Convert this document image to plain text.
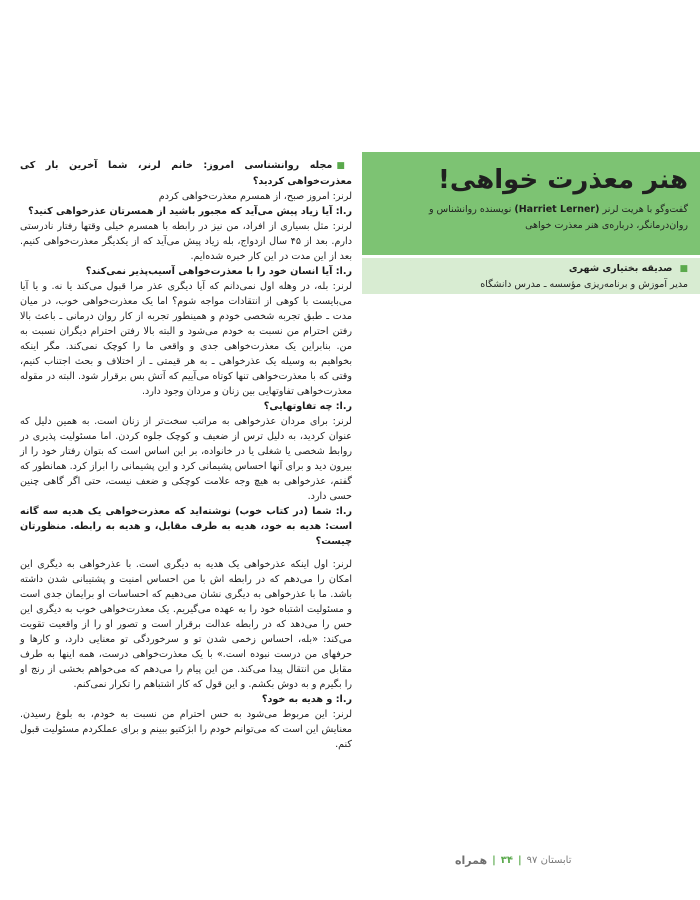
هنر معذرت خواهی!
گفت‌و‌گو با هریت لرنر (Harriet Lerner) نویسنده روانشناس و روان‌درمانگر، درباره‌ی هنر معذرت خواهی
■ صدیقه بختیاری شهری
مدیر آموزش و برنامه‌ریزی مؤسسه ـ مدرس دانشگاه

■مجله روانشناسی امروز: خانم لرنر، شما آخرین بار کی معذرت‌خواهی کردید؟

لرنر: امروز صبح، از همسرم معذرت‌خواهی کردم

ر.ا: آیا زیاد پیش می‌آید که مجبور باشید از همسرتان عذرخواهی کنید؟

لرنر: مثل بسیاری از افراد، من نیز در رابطه با همسرم خیلی وقتها رفتار نادرستی دارم. بعد از ۴۵ سال ازدواج، بله زیاد پیش می‌آید که از یکدیگر معذرت‌خواهی کنیم. بعد از این مدت در این کار خبره شده‌ایم.

ر.ا: آیا انسان خود را با معذرت‌خواهی آسیب‌پذیر نمی‌کند؟

لرنر: بله، در وهله اول نمی‌دانم که آیا دیگری عذر مرا قبول می‌کند یا نه. و یا آیا می‌بایست با کوهی از انتقادات مواجه شوم؟ اما یک معذرت‌خواهی خوب، در میان مدت ـ طبق تجربه شخصی خودم و همینطور تجربه از کار روان درمانی ـ باعث بالا رفتن احترام من نسبت به خودم می‌شود و البته بالا رفتن احترام دیگران نسبت به من. بنابراین یک معذرت‌خواهی جدی و واقعی ما را کوچک نمی‌کند. مگر اینکه بخواهیم به وسیله یک عذرخواهی ـ به هر قیمتی ـ از اختلاف و بحث اجتناب کنیم، وقتی که با معذرت‌خواهی تنها کوتاه می‌آییم که آتش بس برقرار شود. البته در مقوله معذرت‌خواهی تفاوتهایی بین زنان و مردان وجود دارد.

ر.ا: چه تفاوتهایی؟

لرنر: برای مردان عذرخواهی به مراتب سخت‌تر از زنان است. به همین دلیل که عنوان کردید، به دلیل ترس از ضعیف و کوچک جلوه کردن. اما مسئولیت پذیری در روابط شخصی یا شغلی یا در خانواده، بر این اساس است که بتوان رفتار خود را از بیرون دید و برای آنها احساس پشیمانی کرد و این پشیمانی را ابراز کرد. همانطور که گفتم، عذرخواهی به هیچ وجه علامت کوچکی و ضعف نیست، حتی اگر گاهی چنین حسی دارد.

ر.ا: شما (در کتاب خوب) نوشته‌اید که معذرت‌خواهی یک هدیه سه گانه است: هدیه به خود، هدیه به طرف مقابل، و هدیه به رابطه. منظورتان چیست؟

لرنر: اول اینکه عذرخواهی یک هدیه به دیگری است. با عذرخواهی به دیگری این امکان را می‌دهم که در رابطه اش با من احساس امنیت و پشتیبانی شدن داشته باشد. ما با عذرخواهی به دیگری نشان می‌دهیم که احساسات او برایمان جدی است و مسئولیت اشتباه خود را به عهده می‌گیریم. یک معذرت‌خواهی خوب به دیگری این حس را می‌دهد که در رابطه عدالت برقرار است و تصور او را از واقعیت تقویت می‌کند: «بله، احساس زخمی شدن تو و سرخوردگی تو معنایی دارد، و کارها و حرفهای من درست نبوده است.» با یک معذرت‌خواهی درست، همه اینها به طرف مقابل من انتقال پیدا می‌کند. من این پیام را می‌دهم که می‌خواهم بخشی از رنج او را بگیرم و به دوش بکشم. و این قول که کار اشتباهم را تکرار نمی‌کنم.

ر.ا: و هدیه به خود؟

لرنر: این مربوط می‌شود به حس احترام من نسبت به خودم، به بلوغ رسیدن. معنایش این است که می‌توانم خودم را ابژکتیو ببینم و برای عملکردم مسئولیت قبول کنم.

تابستان ۹۷
|
۳۴
|
همراه
